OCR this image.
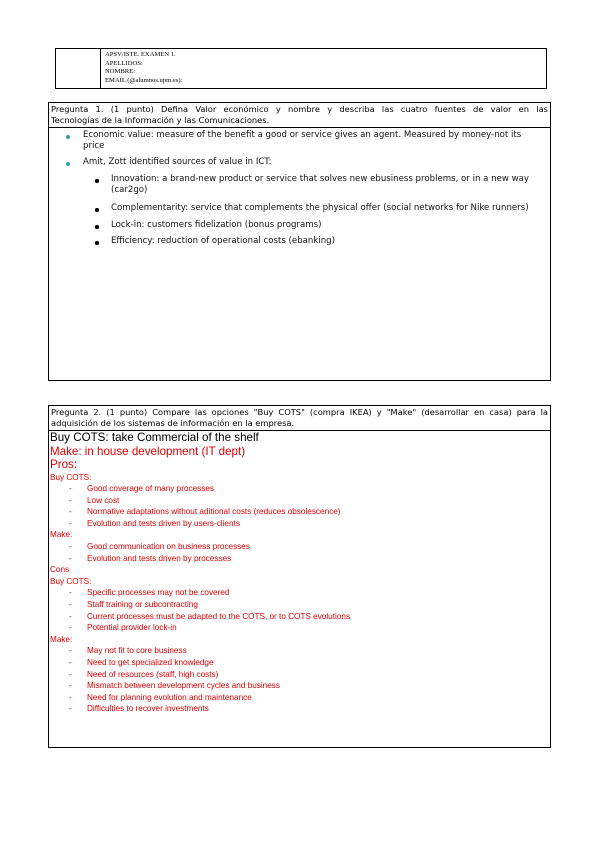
APSV/ISTE. EXAMEN 1.
APELLIDOS:
NOMBRE:
EMAIL (@alumnos.upm.es):
Pregunta 1. (1 punto) Defina Valor económico y nombre y describa las cuatro fuentes de valor en las
Tecnologías de la Información y las Comunicaciones.
Economic value: measure of the benefit a good or service gives an agent. Measured by money-not its
price
Amit, Zott identified sources of value in ICT:
Innovation: a brand-new product or service that solves new ebusiness problems, or in a new way
(car2go)
Complementarity: service that complements the physical offer (social networks for Nike runners)
Lock-in: customers fidelization (bonus programs)
Efficiency: reduction of operational costs (ebanking)
Pregunta 2. (1 punto) Compare las opciones "Buy COTS" (compra IKEA) y "Make" (desarrollar en casa) para la
adquisición de los sistemas de información en la empresa.
Buy COTS: take Commercial of the shelf
Make: in house development (IT dept)
Pros:
Buy COTS:
- Good coverage of many processes
- Low cost
- Normative adaptations without aditional costs (reduces obsolescence)
- Evolution and tests driven by users-clients
Make:
- Good communication on business processes
- Evolution and tests driven by processes
Cons
Buy COTS:
- Specific processes may not be covered
- Staff training or subcontracting
- Current processes must be adapted to the COTS, or to COTS evolutions
- Potential provider lock-in
Make:
- May not fit to core business
- Need to get specialized knowledge
- Need of resources (staff, high costs)
- Mismatch between development cycles and business
- Need for planning evolution and maintenance
- Difficulties to recover investments
